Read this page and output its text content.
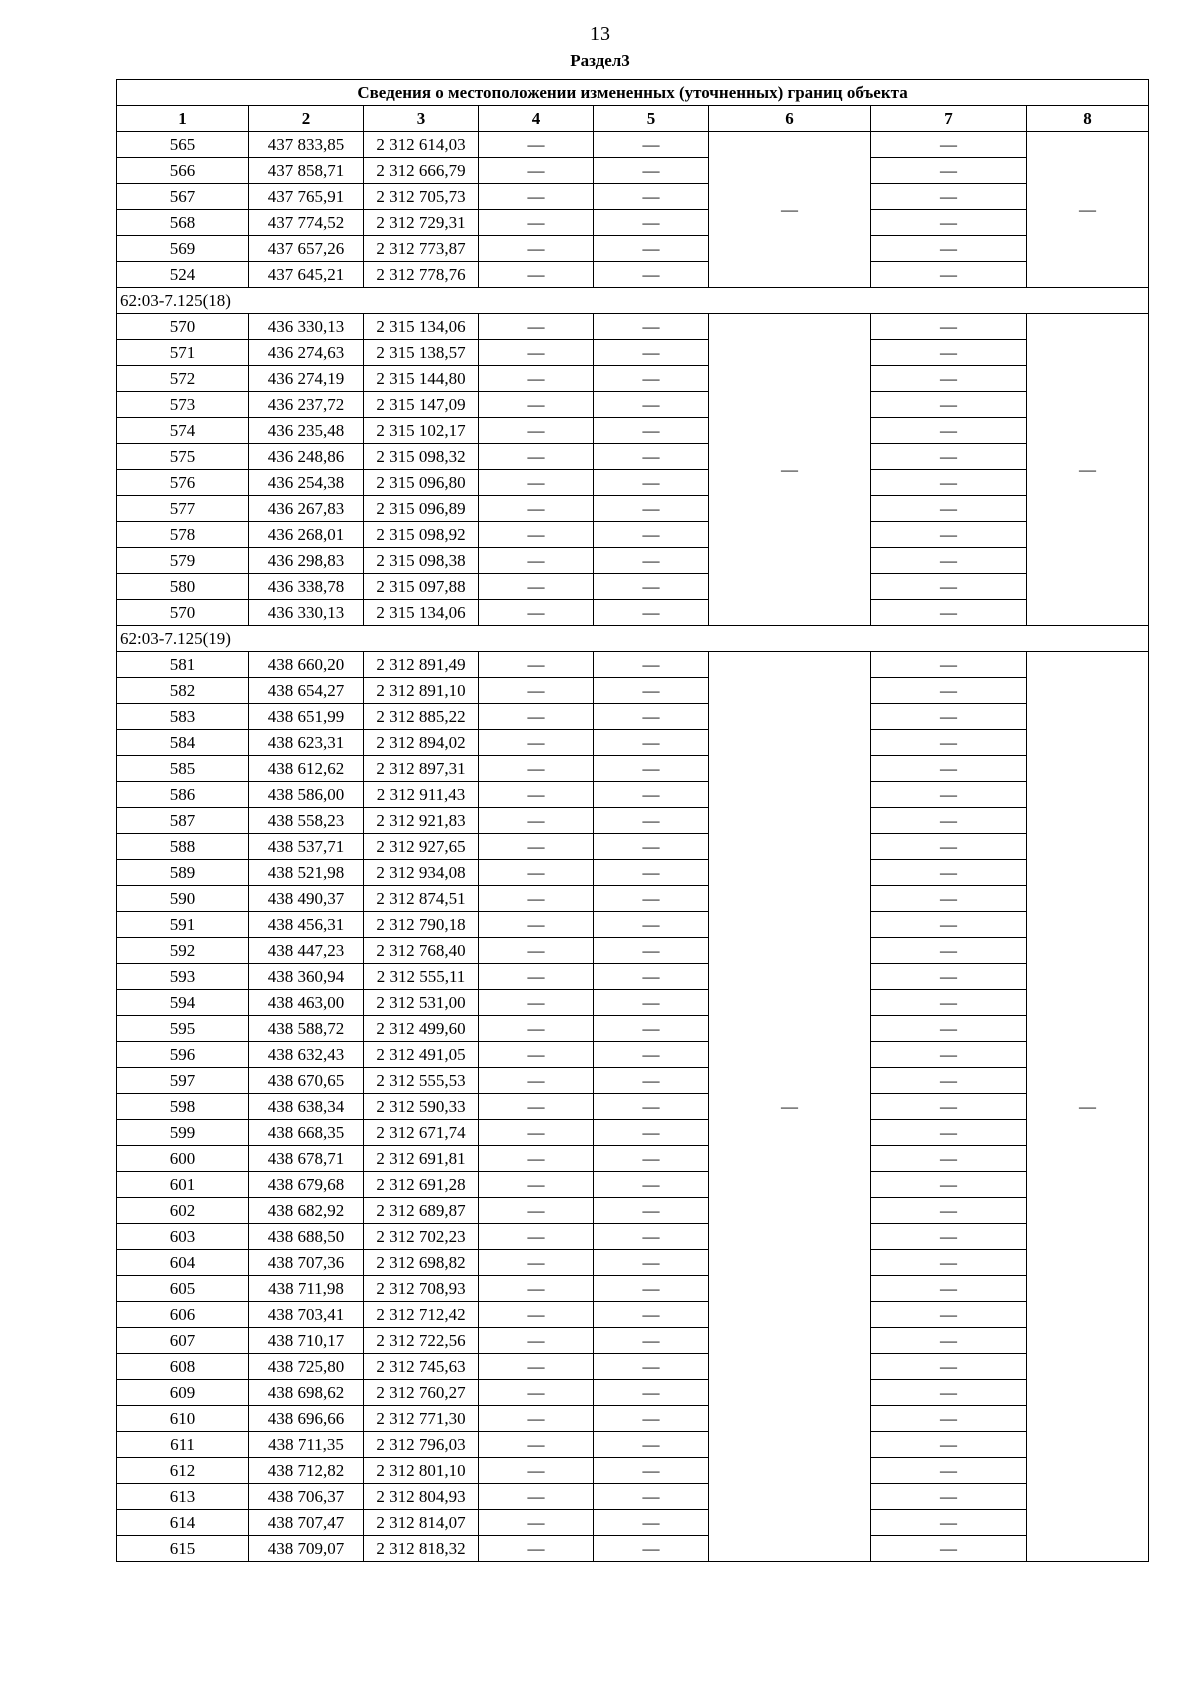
13
Раздел3
Сведения о местоположении измененных (уточненных) границ объекта							
1	2	3	4	5	6	7	8
565	437 833,85	2 312 614,03	—	—	—	—	—
566	437 858,71	2 312 666,79	—	—		—	
567	437 765,91	2 312 705,73	—	—		—	
568	437 774,52	2 312 729,31	—	—		—	
569	437 657,26	2 312 773,87	—	—		—	
524	437 645,21	2 312 778,76	—	—		—	
62:03-7.125(18)							
570	436 330,13	2 315 134,06	—	—	—	—	—
571	436 274,63	2 315 138,57	—	—		—	
572	436 274,19	2 315 144,80	—	—		—	
573	436 237,72	2 315 147,09	—	—		—	
574	436 235,48	2 315 102,17	—	—		—	
575	436 248,86	2 315 098,32	—	—		—	
576	436 254,38	2 315 096,80	—	—		—	
577	436 267,83	2 315 096,89	—	—		—	
578	436 268,01	2 315 098,92	—	—		—	
579	436 298,83	2 315 098,38	—	—		—	
580	436 338,78	2 315 097,88	—	—		—	
570	436 330,13	2 315 134,06	—	—		—	
62:03-7.125(19)							
581	438 660,20	2 312 891,49	—	—	—	—	—
582	438 654,27	2 312 891,10	—	—		—	
583	438 651,99	2 312 885,22	—	—		—	
584	438 623,31	2 312 894,02	—	—		—	
585	438 612,62	2 312 897,31	—	—		—	
586	438 586,00	2 312 911,43	—	—		—	
587	438 558,23	2 312 921,83	—	—		—	
588	438 537,71	2 312 927,65	—	—		—	
589	438 521,98	2 312 934,08	—	—		—	
590	438 490,37	2 312 874,51	—	—		—	
591	438 456,31	2 312 790,18	—	—		—	
592	438 447,23	2 312 768,40	—	—		—	
593	438 360,94	2 312 555,11	—	—		—	
594	438 463,00	2 312 531,00	—	—		—	
595	438 588,72	2 312 499,60	—	—		—	
596	438 632,43	2 312 491,05	—	—		—	
597	438 670,65	2 312 555,53	—	—		—	
598	438 638,34	2 312 590,33	—	—		—	
599	438 668,35	2 312 671,74	—	—		—	
600	438 678,71	2 312 691,81	—	—		—	
601	438 679,68	2 312 691,28	—	—		—	
602	438 682,92	2 312 689,87	—	—		—	
603	438 688,50	2 312 702,23	—	—		—	
604	438 707,36	2 312 698,82	—	—		—	
605	438 711,98	2 312 708,93	—	—		—	
606	438 703,41	2 312 712,42	—	—		—	
607	438 710,17	2 312 722,56	—	—		—	
608	438 725,80	2 312 745,63	—	—		—	
609	438 698,62	2 312 760,27	—	—		—	
610	438 696,66	2 312 771,30	—	—		—	
611	438 711,35	2 312 796,03	—	—		—	
612	438 712,82	2 312 801,10	—	—		—	
613	438 706,37	2 312 804,93	—	—		—	
614	438 707,47	2 312 814,07	—	—		—	
615	438 709,07	2 312 818,32	—	—		—	
